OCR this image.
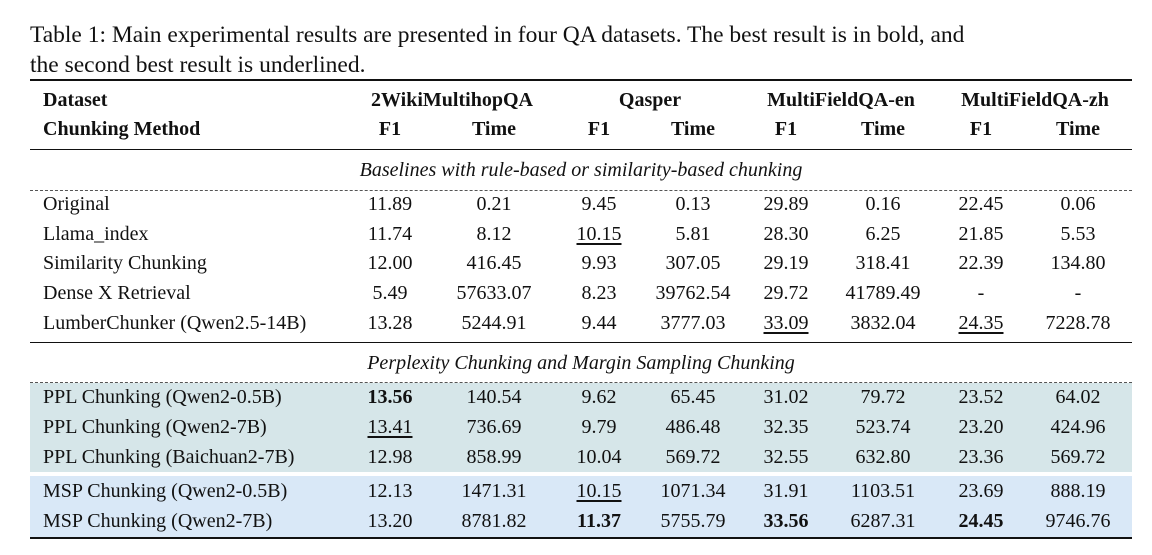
Table 1: Main experimental results are presented in four QA datasets. The best result is in bold, and
the second best result is underlined.
Dataset	2WikiMultihopQA		Qasper		MultiFieldQA-en		MultiFieldQA-zh	
Chunking Method	F1	Time	F1	Time	F1	Time	F1	Time
Baselines with rule-based or similarity-based chunking
Original	11.89	0.21	9.45	0.13	29.89	0.16	22.45	0.06
Llama_index	11.74	8.12	10.15	5.81	28.30	6.25	21.85	5.53
Similarity Chunking	12.00	416.45	9.93	307.05	29.19	318.41	22.39	134.80
Dense X Retrieval	5.49	57633.07	8.23	39762.54	29.72	41789.49	-	-
LumberChunker (Qwen2.5-14B)	13.28	5244.91	9.44	3777.03	33.09	3832.04	24.35	7228.78
Perplexity Chunking and Margin Sampling Chunking
PPL Chunking (Qwen2-0.5B)	13.56	140.54	9.62	65.45	31.02	79.72	23.52	64.02
PPL Chunking (Qwen2-7B)	13.41	736.69	9.79	486.48	32.35	523.74	23.20	424.96
PPL Chunking (Baichuan2-7B)	12.98	858.99	10.04	569.72	32.55	632.80	23.36	569.72
MSP Chunking (Qwen2-0.5B)	12.13	1471.31	10.15	1071.34	31.91	1103.51	23.69	888.19
MSP Chunking (Qwen2-7B)	13.20	8781.82	11.37	5755.79	33.56	6287.31	24.45	9746.76
